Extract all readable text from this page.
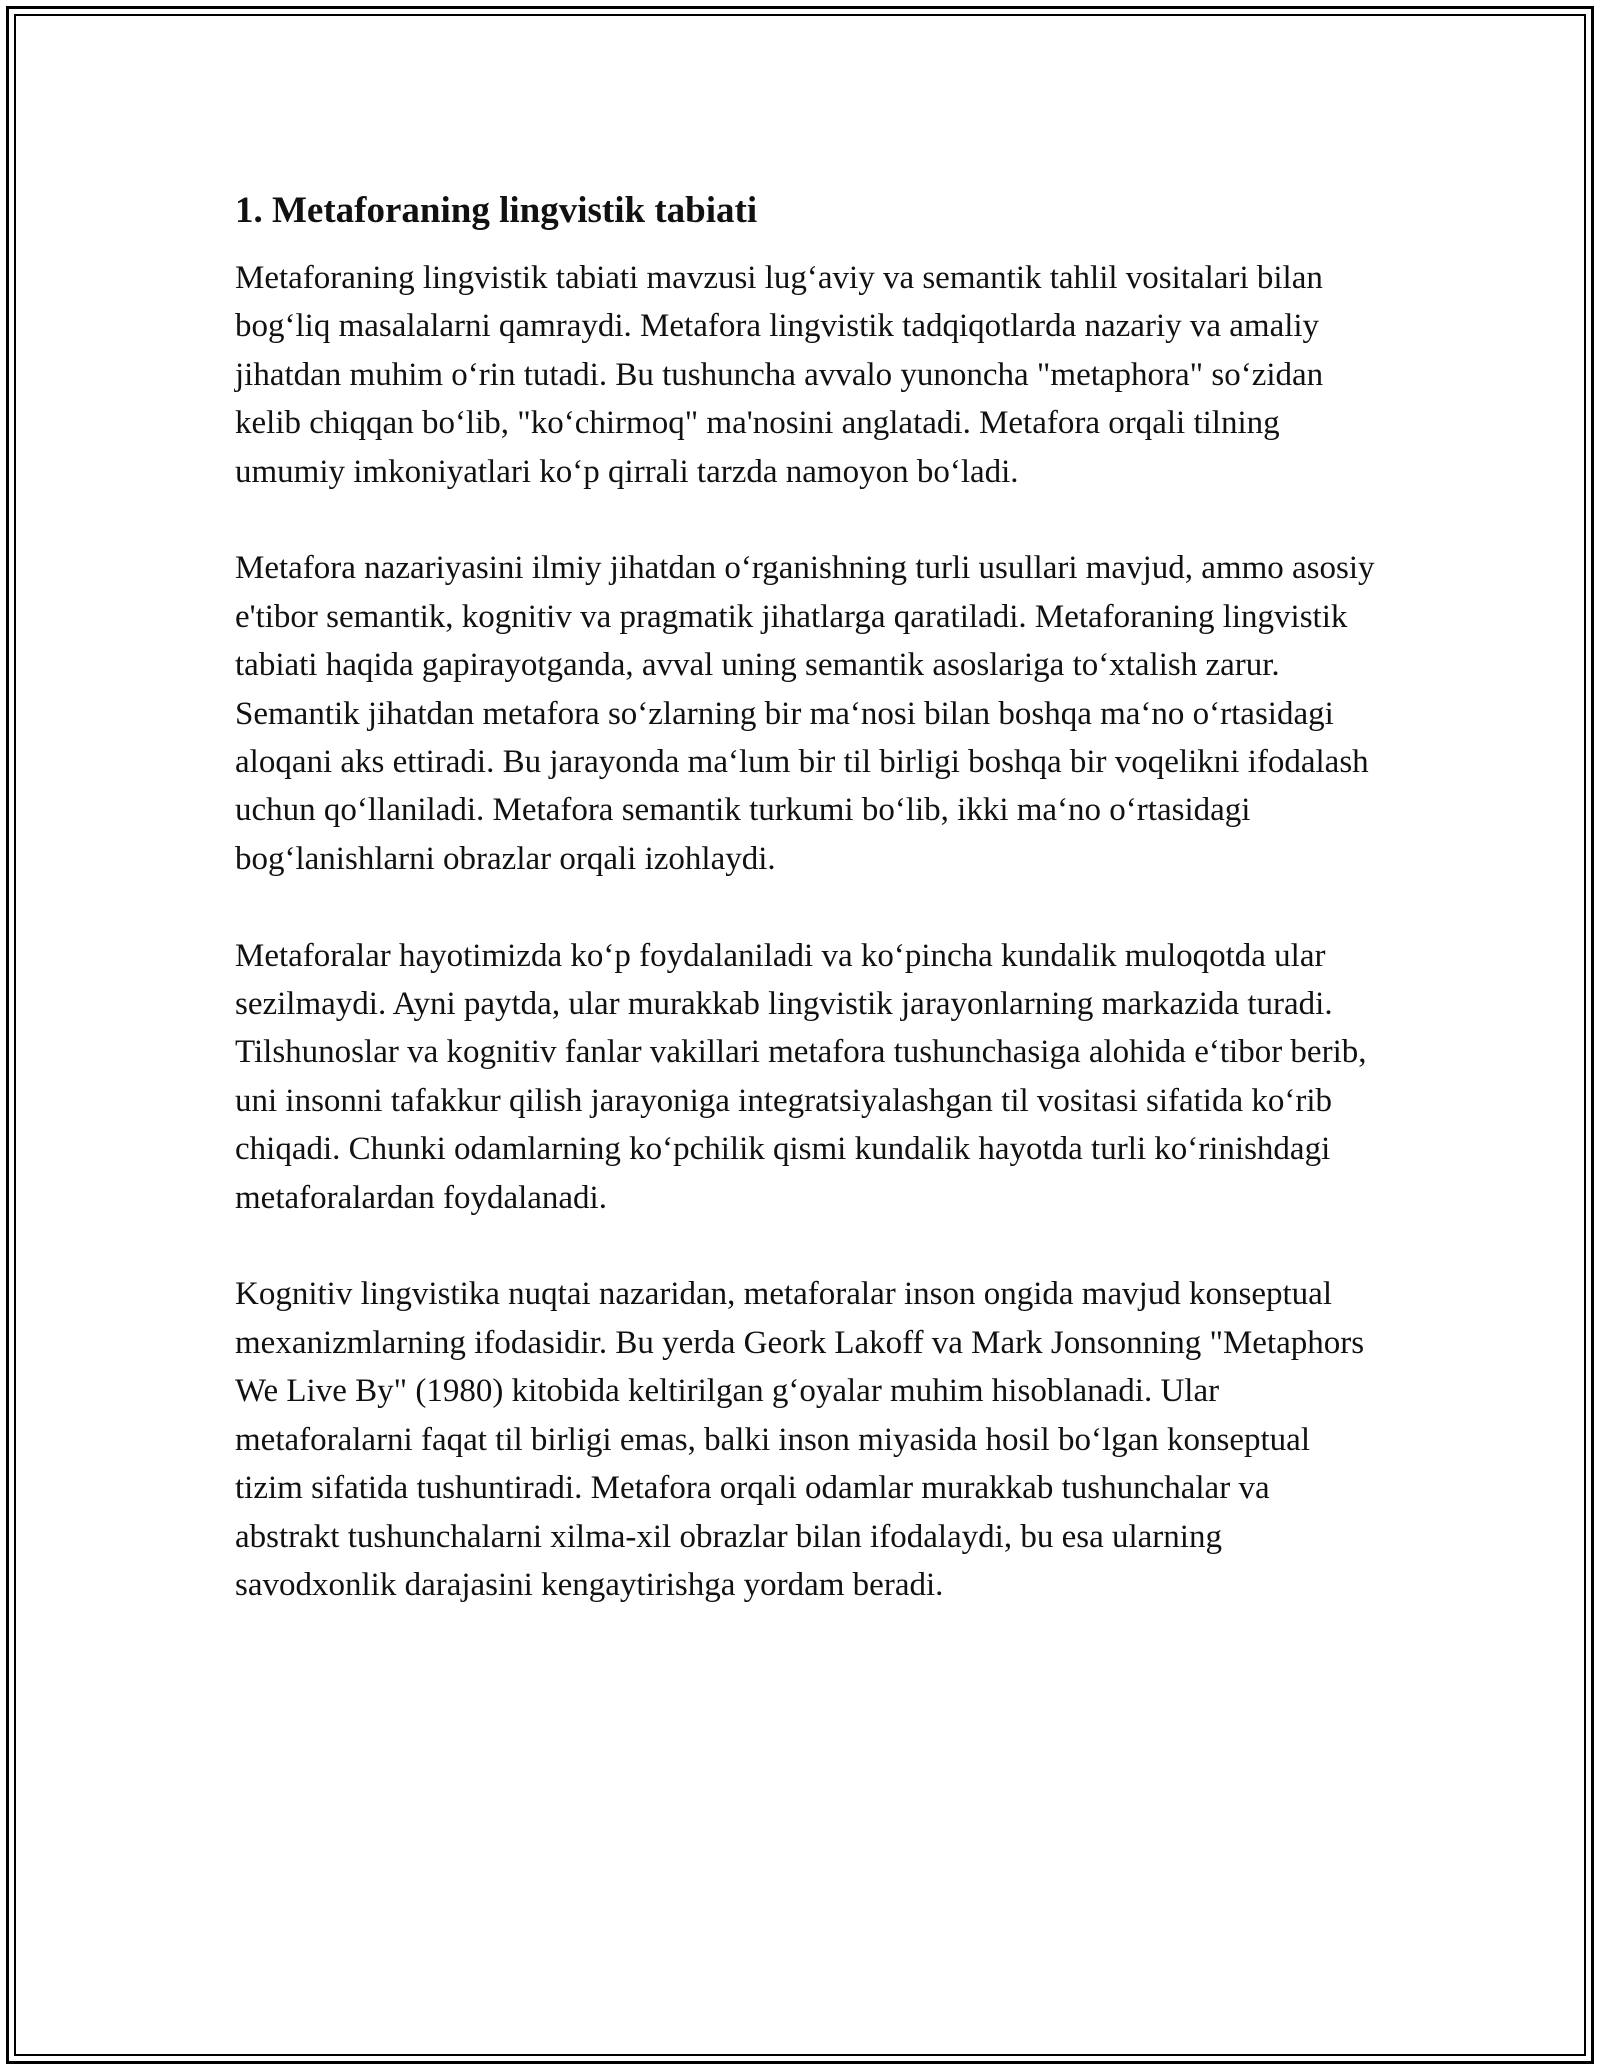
1. Metaforaning lingvistik tabiati

Metaforaning lingvistik tabiati mavzusi lug‘aviy va semantik tahlil vositalari bilan bog‘liq masalalarni qamraydi. Metafora lingvistik tadqiqotlarda nazariy va amaliy jihatdan muhim o‘rin tutadi. Bu tushuncha avvalo yunoncha "metaphora" so‘zidan kelib chiqqan bo‘lib, "ko‘chirmoq" ma'nosini anglatadi. Metafora orqali tilning umumiy imkoniyatlari ko‘p qirrali tarzda namoyon bo‘ladi.

Metafora nazariyasini ilmiy jihatdan o‘rganishning turli usullari mavjud, ammo asosiy e'tibor semantik, kognitiv va pragmatik jihatlarga qaratiladi. Metaforaning lingvistik tabiati haqida gapirayotganda, avval uning semantik asoslariga to‘xtalish zarur. Semantik jihatdan metafora so‘zlarning bir ma‘nosi bilan boshqa ma‘no o‘rtasidagi aloqani aks ettiradi. Bu jarayonda ma‘lum bir til birligi boshqa bir voqelikni ifodalash uchun qo‘llaniladi. Metafora semantik turkumi bo‘lib, ikki ma‘no o‘rtasidagi bog‘lanishlarni obrazlar orqali izohlaydi.

Metaforalar hayotimizda ko‘p foydalaniladi va ko‘pincha kundalik muloqotda ular sezilmaydi. Ayni paytda, ular murakkab lingvistik jarayonlarning markazida turadi. Tilshunoslar va kognitiv fanlar vakillari metafora tushunchasiga alohida e‘tibor berib, uni insonni tafakkur qilish jarayoniga integratsiyalashgan til vositasi sifatida ko‘rib chiqadi. Chunki odamlarning ko‘pchilik qismi kundalik hayotda turli ko‘rinishdagi metaforalardan foydalanadi.

Kognitiv lingvistika nuqtai nazaridan, metaforalar inson ongida mavjud konseptual mexanizmlarning ifodasidir. Bu yerda Geork Lakoff va Mark Jonsonning "Metaphors We Live By" (1980) kitobida keltirilgan g‘oyalar muhim hisoblanadi. Ular metaforalarni faqat til birligi emas, balki inson miyasida hosil bo‘lgan konseptual tizim sifatida tushuntiradi. Metafora orqali odamlar murakkab tushunchalar va abstrakt tushunchalarni xilma-xil obrazlar bilan ifodalaydi, bu esa ularning savodxonlik darajasini kengaytirishga yordam beradi.
